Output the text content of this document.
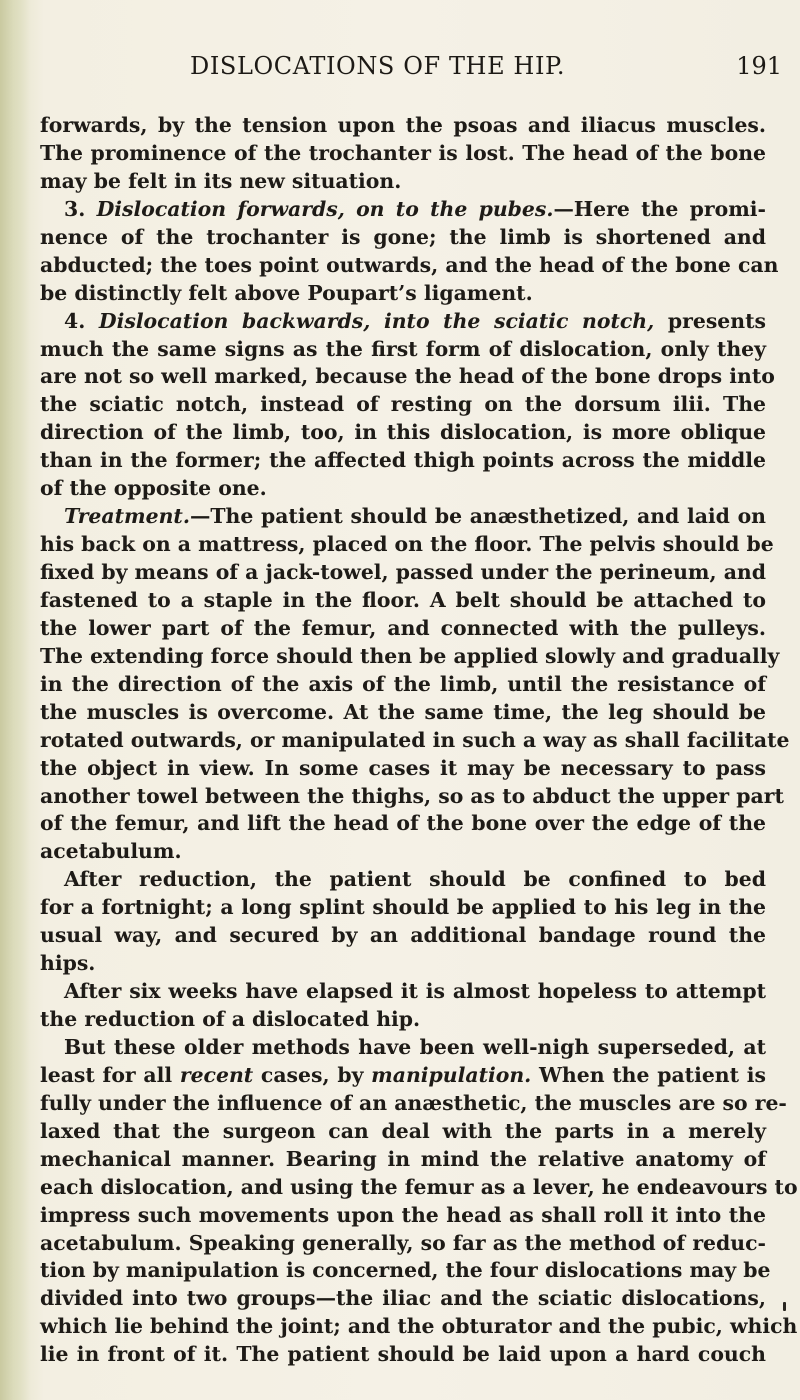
DISLOCATIONS OF THE HIP.	191
forwards, by the tension upon the psoas and iliacus muscles.
The prominence of the trochanter is lost. The head of the bone
may be felt in its new situation.
3. Dislocation forwards, on to the pubes.—Here the promi-
nence of the trochanter is gone; the limb is shortened and
abducted; the toes point outwards, and the head of the bone can
be distinctly felt above Poupart’s ligament.
4. Dislocation backwards, into the sciatic notch, presents
much the same signs as the first form of dislocation, only they
are not so well marked, because the head of the bone drops into
the sciatic notch, instead of resting on the dorsum ilii. The
direction of the limb, too, in this dislocation, is more oblique
than in the former; the affected thigh points across the middle
of the opposite one.
Treatment.—The patient should be anæsthetized, and laid on
his back on a mattress, placed on the floor. The pelvis should be
fixed by means of a jack-towel, passed under the perineum, and
fastened to a staple in the floor. A belt should be attached to
the lower part of the femur, and connected with the pulleys.
The extending force should then be applied slowly and gradually
in the direction of the axis of the limb, until the resistance of
the muscles is overcome. At the same time, the leg should be
rotated outwards, or manipulated in such a way as shall facilitate
the object in view. In some cases it may be necessary to pass
another towel between the thighs, so as to abduct the upper part
of the femur, and lift the head of the bone over the edge of the
acetabulum.
After reduction, the patient should be confined to bed
for a fortnight; a long splint should be applied to his leg in the
usual way, and secured by an additional bandage round the
hips.
After six weeks have elapsed it is almost hopeless to attempt
the reduction of a dislocated hip.
But these older methods have been well-nigh superseded, at
least for all recent cases, by manipulation. When the patient is
fully under the influence of an anæsthetic, the muscles are so re-
laxed that the surgeon can deal with the parts in a merely
mechanical manner. Bearing in mind the relative anatomy of
each dislocation, and using the femur as a lever, he endeavours to
impress such movements upon the head as shall roll it into the
acetabulum. Speaking generally, so far as the method of reduc-
tion by manipulation is concerned, the four dislocations may be
divided into two groups—the iliac and the sciatic dislocations,
which lie behind the joint; and the obturator and the pubic, which
lie in front of it. The patient should be laid upon a hard couch
